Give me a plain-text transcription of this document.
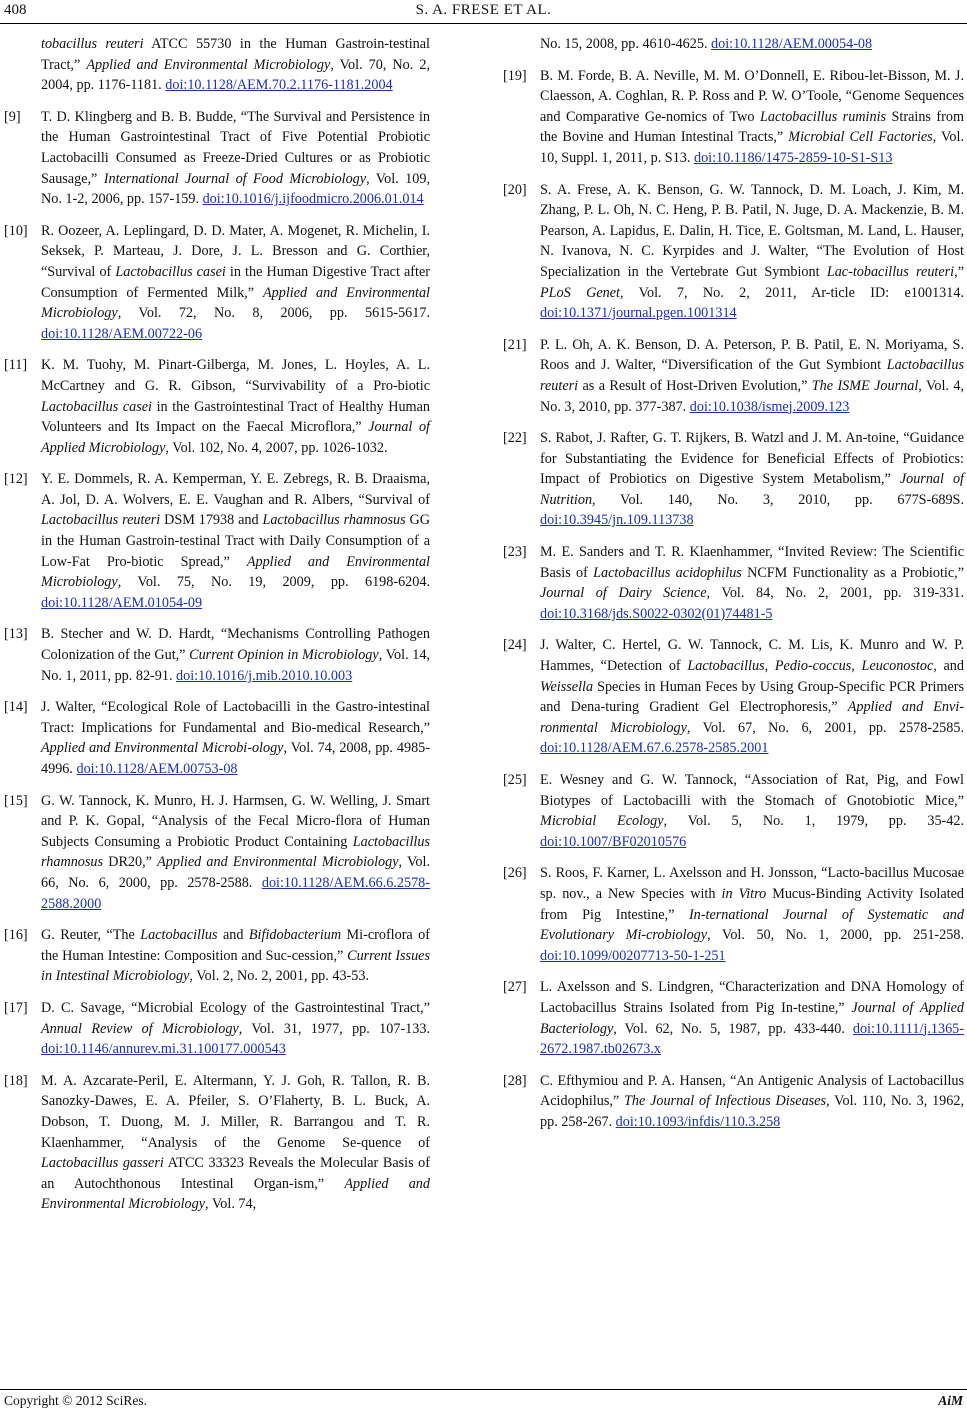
408	S. A. FRESE ET AL.
tobacillus reuteri ATCC 55730 in the Human Gastroin-testinal Tract,” Applied and Environmental Microbiology, Vol. 70, No. 2, 2004, pp. 1176-1181. doi:10.1128/AEM.70.2.1176-1181.2004
[9] T. D. Klingberg and B. B. Budde, “The Survival and Persistence in the Human Gastrointestinal Tract of Five Potential Probiotic Lactobacilli Consumed as Freeze-Dried Cultures or as Probiotic Sausage,” International Journal of Food Microbiology, Vol. 109, No. 1-2, 2006, pp. 157-159. doi:10.1016/j.ijfoodmicro.2006.01.014
[10] R. Oozeer, A. Leplingard, D. D. Mater, A. Mogenet, R. Michelin, I. Seksek, P. Marteau, J. Dore, J. L. Bresson and G. Corthier, “Survival of Lactobacillus casei in the Human Digestive Tract after Consumption of Fermented Milk,” Applied and Environmental Microbiology, Vol. 72, No. 8, 2006, pp. 5615-5617. doi:10.1128/AEM.00722-06
[11] K. M. Tuohy, M. Pinart-Gilberga, M. Jones, L. Hoyles, A. L. McCartney and G. R. Gibson, “Survivability of a Pro-biotic Lactobacillus casei in the Gastrointestinal Tract of Healthy Human Volunteers and Its Impact on the Faecal Microflora,” Journal of Applied Microbiology, Vol. 102, No. 4, 2007, pp. 1026-1032.
[12] Y. E. Dommels, R. A. Kemperman, Y. E. Zebregs, R. B. Draaisma, A. Jol, D. A. Wolvers, E. E. Vaughan and R. Albers, “Survival of Lactobacillus reuteri DSM 17938 and Lactobacillus rhamnosus GG in the Human Gastroin-testinal Tract with Daily Consumption of a Low-Fat Pro-biotic Spread,” Applied and Environmental Microbiology, Vol. 75, No. 19, 2009, pp. 6198-6204. doi:10.1128/AEM.01054-09
[13] B. Stecher and W. D. Hardt, “Mechanisms Controlling Pathogen Colonization of the Gut,” Current Opinion in Microbiology, Vol. 14, No. 1, 2011, pp. 82-91. doi:10.1016/j.mib.2010.10.003
[14] J. Walter, “Ecological Role of Lactobacilli in the Gastro-intestinal Tract: Implications for Fundamental and Bio-medical Research,” Applied and Environmental Microbi-ology, Vol. 74, 2008, pp. 4985-4996. doi:10.1128/AEM.00753-08
[15] G. W. Tannock, K. Munro, H. J. Harmsen, G. W. Welling, J. Smart and P. K. Gopal, “Analysis of the Fecal Micro-flora of Human Subjects Consuming a Probiotic Product Containing Lactobacillus rhamnosus DR20,” Applied and Environmental Microbiology, Vol. 66, No. 6, 2000, pp. 2578-2588. doi:10.1128/AEM.66.6.2578-2588.2000
[16] G. Reuter, “The Lactobacillus and Bifidobacterium Mi-croflora of the Human Intestine: Composition and Suc-cession,” Current Issues in Intestinal Microbiology, Vol. 2, No. 2, 2001, pp. 43-53.
[17] D. C. Savage, “Microbial Ecology of the Gastrointestinal Tract,” Annual Review of Microbiology, Vol. 31, 1977, pp. 107-133. doi:10.1146/annurev.mi.31.100177.000543
[18] M. A. Azcarate-Peril, E. Altermann, Y. J. Goh, R. Tallon, R. B. Sanozky-Dawes, E. A. Pfeiler, S. O’Flaherty, B. L. Buck, A. Dobson, T. Duong, M. J. Miller, R. Barrangou and T. R. Klaenhammer, “Analysis of the Genome Se-quence of Lactobacillus gasseri ATCC 33323 Reveals the Molecular Basis of an Autochthonous Intestinal Organ-ism,” Applied and Environmental Microbiology, Vol. 74,
No. 15, 2008, pp. 4610-4625. doi:10.1128/AEM.00054-08
[19] B. M. Forde, B. A. Neville, M. M. O’Donnell, E. Ribou-let-Bisson, M. J. Claesson, A. Coghlan, R. P. Ross and P. W. O’Toole, “Genome Sequences and Comparative Ge-nomics of Two Lactobacillus ruminis Strains from the Bovine and Human Intestinal Tracts,” Microbial Cell Factories, Vol. 10, Suppl. 1, 2011, p. S13. doi:10.1186/1475-2859-10-S1-S13
[20] S. A. Frese, A. K. Benson, G. W. Tannock, D. M. Loach, J. Kim, M. Zhang, P. L. Oh, N. C. Heng, P. B. Patil, N. Juge, D. A. Mackenzie, B. M. Pearson, A. Lapidus, E. Dalin, H. Tice, E. Goltsman, M. Land, L. Hauser, N. Ivanova, N. C. Kyrpides and J. Walter, “The Evolution of Host Specialization in the Vertebrate Gut Symbiont Lac-tobacillus reuteri,” PLoS Genet, Vol. 7, No. 2, 2011, Ar-ticle ID: e1001314. doi:10.1371/journal.pgen.1001314
[21] P. L. Oh, A. K. Benson, D. A. Peterson, P. B. Patil, E. N. Moriyama, S. Roos and J. Walter, “Diversification of the Gut Symbiont Lactobacillus reuteri as a Result of Host-Driven Evolution,” The ISME Journal, Vol. 4, No. 3, 2010, pp. 377-387. doi:10.1038/ismej.2009.123
[22] S. Rabot, J. Rafter, G. T. Rijkers, B. Watzl and J. M. An-toine, “Guidance for Substantiating the Evidence for Beneficial Effects of Probiotics: Impact of Probiotics on Digestive System Metabolism,” Journal of Nutrition, Vol. 140, No. 3, 2010, pp. 677S-689S. doi:10.3945/jn.109.113738
[23] M. E. Sanders and T. R. Klaenhammer, “Invited Review: The Scientific Basis of Lactobacillus acidophilus NCFM Functionality as a Probiotic,” Journal of Dairy Science, Vol. 84, No. 2, 2001, pp. 319-331. doi:10.3168/jds.S0022-0302(01)74481-5
[24] J. Walter, C. Hertel, G. W. Tannock, C. M. Lis, K. Munro and W. P. Hammes, “Detection of Lactobacillus, Pedio-coccus, Leuconostoc, and Weissella Species in Human Feces by Using Group-Specific PCR Primers and Dena-turing Gradient Gel Electrophoresis,” Applied and Envi-ronmental Microbiology, Vol. 67, No. 6, 2001, pp. 2578-2585. doi:10.1128/AEM.67.6.2578-2585.2001
[25] E. Wesney and G. W. Tannock, “Association of Rat, Pig, and Fowl Biotypes of Lactobacilli with the Stomach of Gnotobiotic Mice,” Microbial Ecology, Vol. 5, No. 1, 1979, pp. 35-42. doi:10.1007/BF02010576
[26] S. Roos, F. Karner, L. Axelsson and H. Jonsson, “Lacto-bacillus Mucosae sp. nov., a New Species with in Vitro Mucus-Binding Activity Isolated from Pig Intestine,” In-ternational Journal of Systematic and Evolutionary Mi-crobiology, Vol. 50, No. 1, 2000, pp. 251-258. doi:10.1099/00207713-50-1-251
[27] L. Axelsson and S. Lindgren, “Characterization and DNA Homology of Lactobacillus Strains Isolated from Pig In-testine,” Journal of Applied Bacteriology, Vol. 62, No. 5, 1987, pp. 433-440. doi:10.1111/j.1365-2672.1987.tb02673.x
[28] C. Efthymiou and P. A. Hansen, “An Antigenic Analysis of Lactobacillus Acidophilus,” The Journal of Infectious Diseases, Vol. 110, No. 3, 1962, pp. 258-267. doi:10.1093/infdis/110.3.258
Copyright © 2012 SciRes.	AiM
